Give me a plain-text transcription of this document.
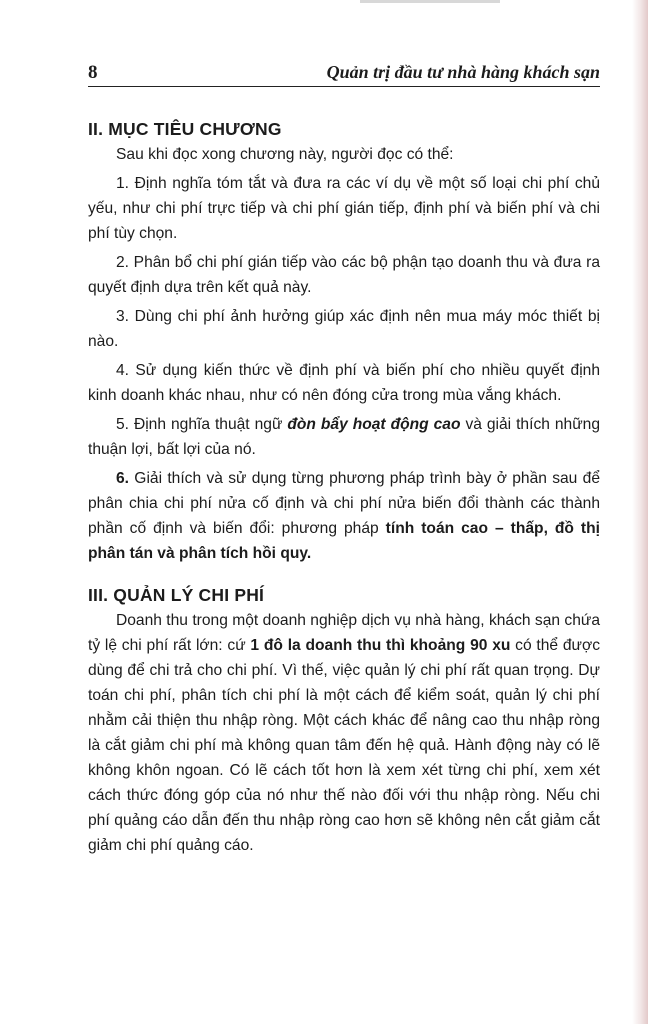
8	Quản trị đầu tư nhà hàng khách sạn
II. MỤC TIÊU CHƯƠNG

Sau khi đọc xong chương này, người đọc có thể:

1. Định nghĩa tóm tắt và đưa ra các ví dụ về một số loại chi phí chủ yếu, như chi phí trực tiếp và chi phí gián tiếp, định phí và biến phí và chi phí tùy chọn.

2. Phân bổ chi phí gián tiếp vào các bộ phận tạo doanh thu và đưa ra quyết định dựa trên kết quả này.

3. Dùng chi phí ảnh hưởng giúp xác định nên mua máy móc thiết bị nào.

4. Sử dụng kiến thức về định phí và biến phí cho nhiều quyết định kinh doanh khác nhau, như có nên đóng cửa trong mùa vắng khách.

5. Định nghĩa thuật ngữ đòn bẩy hoạt động cao và giải thích những thuận lợi, bất lợi của nó.

6. Giải thích và sử dụng từng phương pháp trình bày ở phần sau để phân chia chi phí nửa cố định và chi phí nửa biến đổi thành các thành phần cố định và biến đổi: phương pháp tính toán cao – thấp, đồ thị phân tán và phân tích hồi quy.

III. QUẢN LÝ CHI PHÍ

Doanh thu trong một doanh nghiệp dịch vụ nhà hàng, khách sạn chứa tỷ lệ chi phí rất lớn: cứ 1 đô la doanh thu thì khoảng 90 xu có thể được dùng để chi trả cho chi phí. Vì thế, việc quản lý chi phí rất quan trọng. Dự toán chi phí, phân tích chi phí là một cách để kiểm soát, quản lý chi phí nhằm cải thiện thu nhập ròng. Một cách khác để nâng cao thu nhập ròng là cắt giảm chi phí mà không quan tâm đến hệ quả. Hành động này có lẽ không khôn ngoan. Có lẽ cách tốt hơn là xem xét từng chi phí, xem xét cách thức đóng góp của nó như thế nào đối với thu nhập ròng. Nếu chi phí quảng cáo dẫn đến thu nhập ròng cao hơn sẽ không nên cắt giảm cắt giảm chi phí quảng cáo.
